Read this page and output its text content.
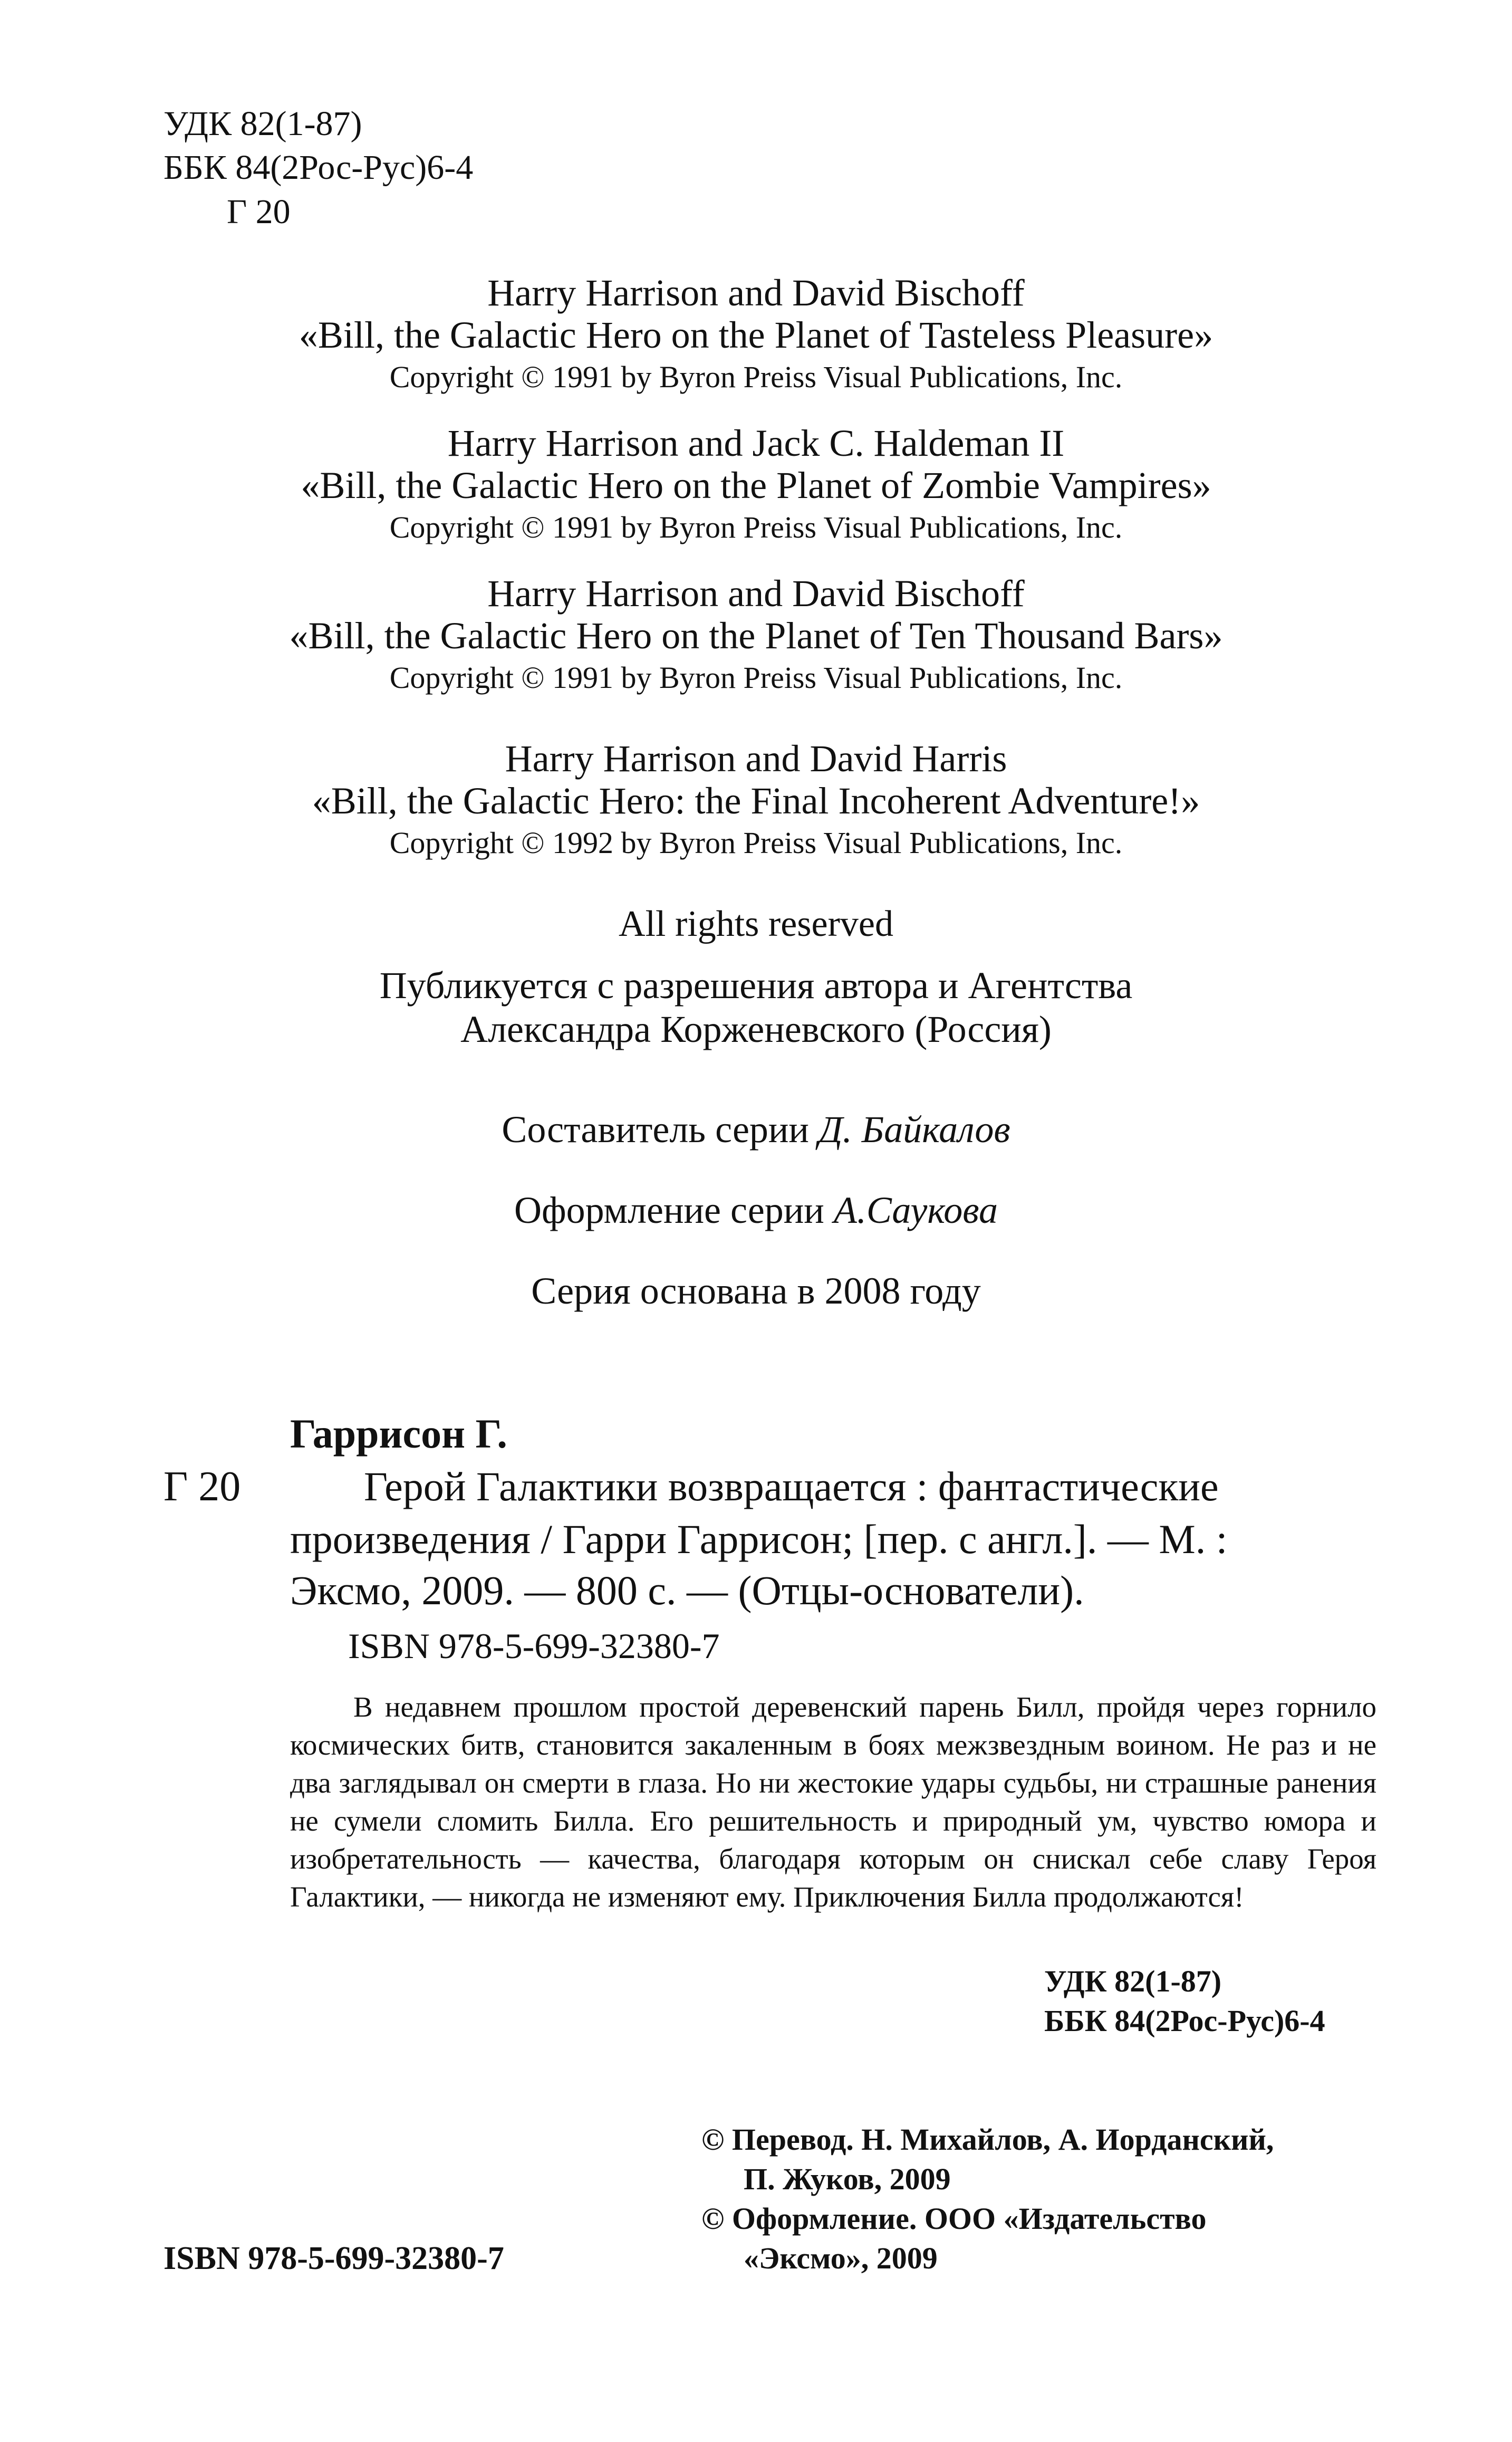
УДК 82(1-87)
ББК 84(2Рос-Рус)6-4
Г 20
Harry Harrison and David Bischoff
«Bill, the Galactic Hero on the Planet of Tasteless Pleasure»
Copyright © 1991 by Byron Preiss Visual Publications, Inc.
Harry Harrison and Jack C. Haldeman II
«Bill, the Galactic Hero on the Planet of Zombie Vampires»
Copyright © 1991 by Byron Preiss Visual Publications, Inc.
Harry Harrison and David Bischoff
«Bill, the Galactic Hero on the Planet of Ten Thousand Bars»
Copyright © 1991 by Byron Preiss Visual Publications, Inc.
Harry Harrison and David Harris
«Bill, the Galactic Hero: the Final Incoherent Adventure!»
Copyright © 1992 by Byron Preiss Visual Publications, Inc.
All rights reserved
Публикуется с разрешения автора и Агентства
Александра Корженевского (Россия)
Составитель серии Д. Байкалов
Оформление серии А.Саукова
Серия основана в 2008 году
Гаррисон Г.
Г 20	Герой Галактики возвращается : фантастические
произведения / Гарри Гаррисон; [пер. с англ.]. — М. :
Эксмо, 2009. — 800 с. — (Отцы-основатели).
ISBN 978-5-699-32380-7
В недавнем прошлом простой деревенский парень Билл, пройдя через горнило космических битв, становится закаленным в боях межзвездным воином. Не раз и не два заглядывал он смерти в глаза. Но ни жестокие удары судьбы, ни страшные ранения не сумели сломить Билла. Его решительность и природный ум, чувство юмора и изобретательность — качества, благодаря которым он снискал себе славу Героя Галактики, — никогда не изменяют ему. Приключения Билла продолжаются!
УДК 82(1-87)
ББК 84(2Рос-Рус)6-4
© Перевод. Н. Михайлов, А. Иорданский,
П. Жуков, 2009
© Оформление. ООО «Издательство
«Эксмо», 2009
ISBN 978-5-699-32380-7
